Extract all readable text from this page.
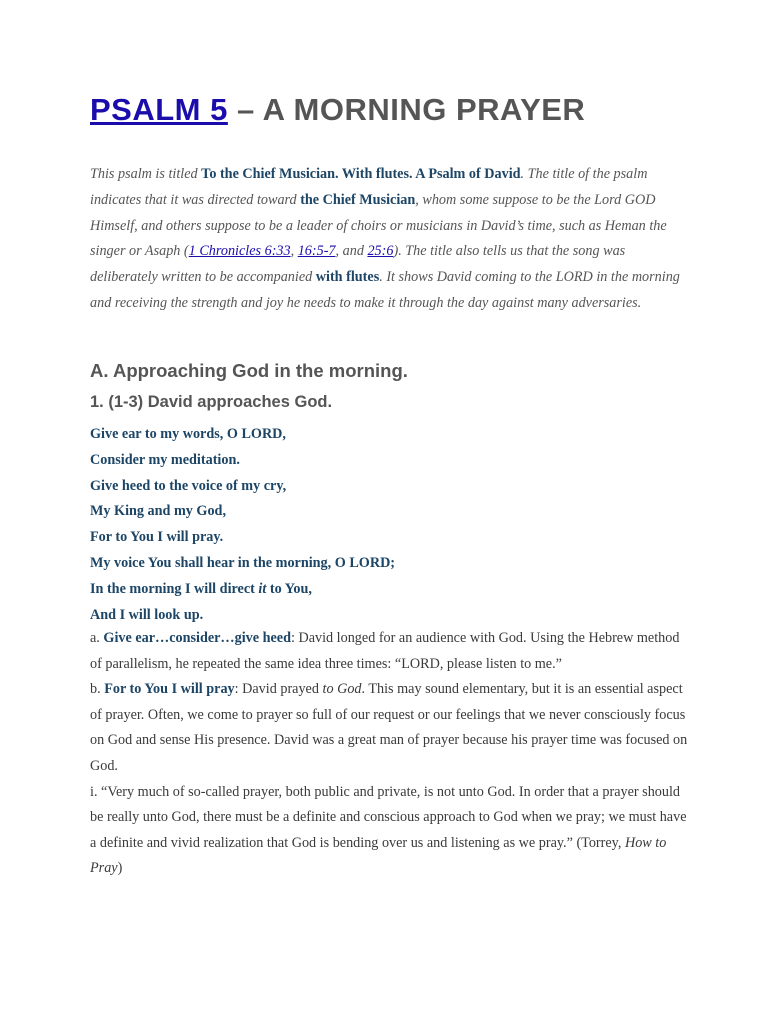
PSALM 5 – A MORNING PRAYER

This psalm is titled To the Chief Musician. With flutes. A Psalm of David. The title of the psalm indicates that it was directed toward the Chief Musician, whom some suppose to be the Lord GOD Himself, and others suppose to be a leader of choirs or musicians in David’s time, such as Heman the singer or Asaph (1 Chronicles 6:33, 16:5-7, and 25:6). The title also tells us that the song was deliberately written to be accompanied with flutes. It shows David coming to the LORD in the morning and receiving the strength and joy he needs to make it through the day against many adversaries.

A. Approaching God in the morning.
1. (1-3) David approaches God.
Give ear to my words, O LORD,
Consider my meditation.
Give heed to the voice of my cry,
My King and my God,
For to You I will pray.
My voice You shall hear in the morning, O LORD;
In the morning I will direct it to You,
And I will look up.

a. Give ear…consider…give heed: David longed for an audience with God. Using the Hebrew method of parallelism, he repeated the same idea three times: “LORD, please listen to me.”

b. For to You I will pray: David prayed to God. This may sound elementary, but it is an essential aspect of prayer. Often, we come to prayer so full of our request or our feelings that we never consciously focus on God and sense His presence. David was a great man of prayer because his prayer time was focused on God.

i. “Very much of so-called prayer, both public and private, is not unto God. In order that a prayer should be really unto God, there must be a definite and conscious approach to God when we pray; we must have a definite and vivid realization that God is bending over us and listening as we pray.” (Torrey, How to Pray)
